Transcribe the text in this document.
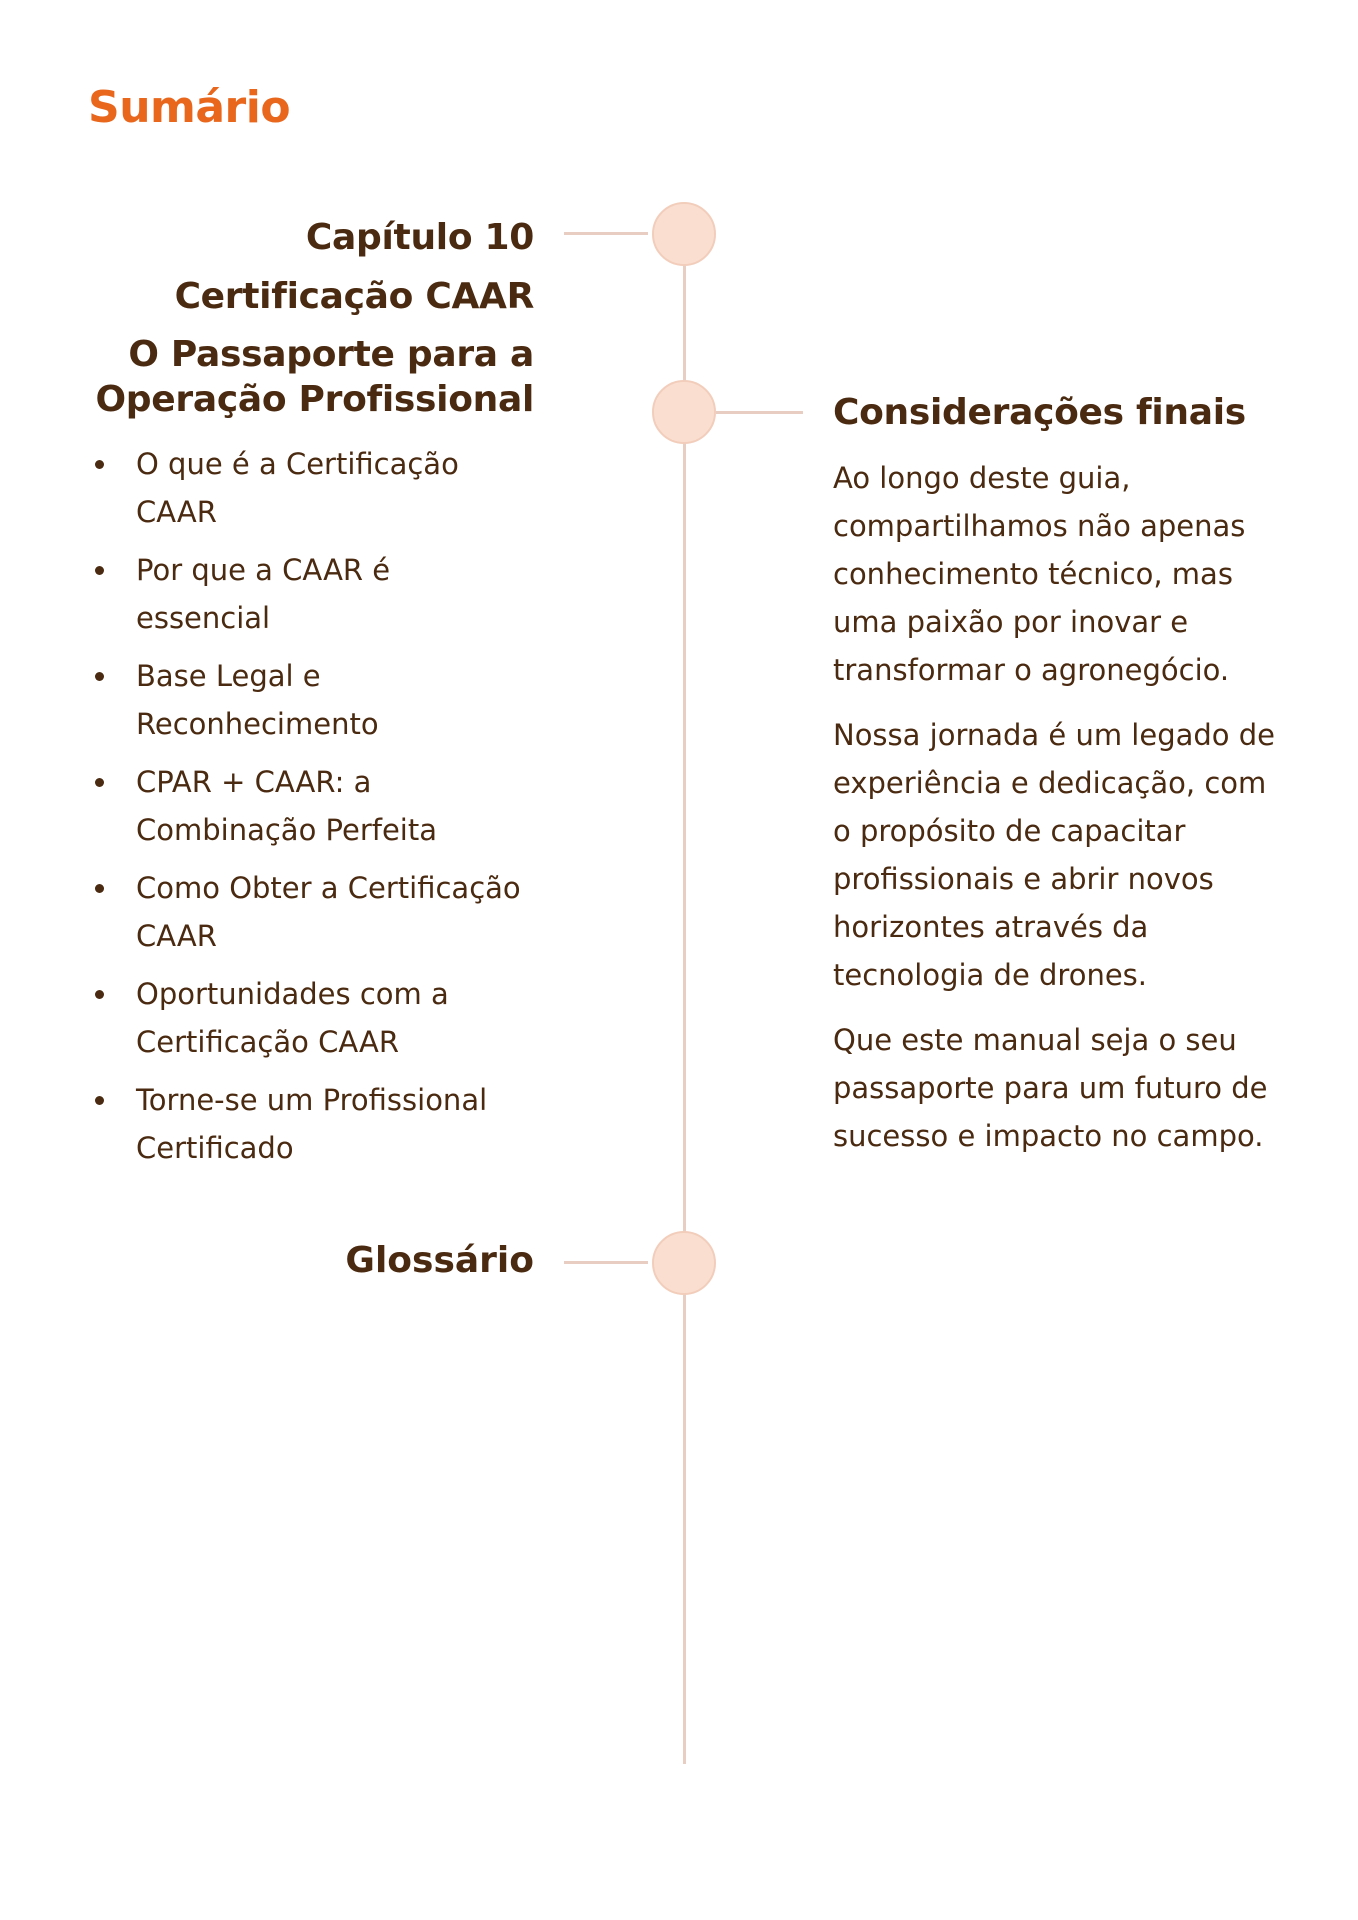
Sumário
Capítulo 10
Certificação CAAR
O Passaporte para a Operação Profissional
O que é a Certificação CAAR
Por que a CAAR é essencial
Base Legal e Reconhecimento
CPAR + CAAR: a Combinação Perfeita
Como Obter a Certificação CAAR
Oportunidades com a Certificação CAAR
Torne-se um Profissional Certificado
Glossário
Considerações finais

Ao longo deste guia, compartilhamos não apenas conhecimento técnico, mas uma paixão por inovar e transformar o agronegócio.

Nossa jornada é um legado de experiência e dedicação, com o propósito de capacitar profissionais e abrir novos horizontes através da tecnologia de drones.

Que este manual seja o seu passaporte para um futuro de sucesso e impacto no campo.
